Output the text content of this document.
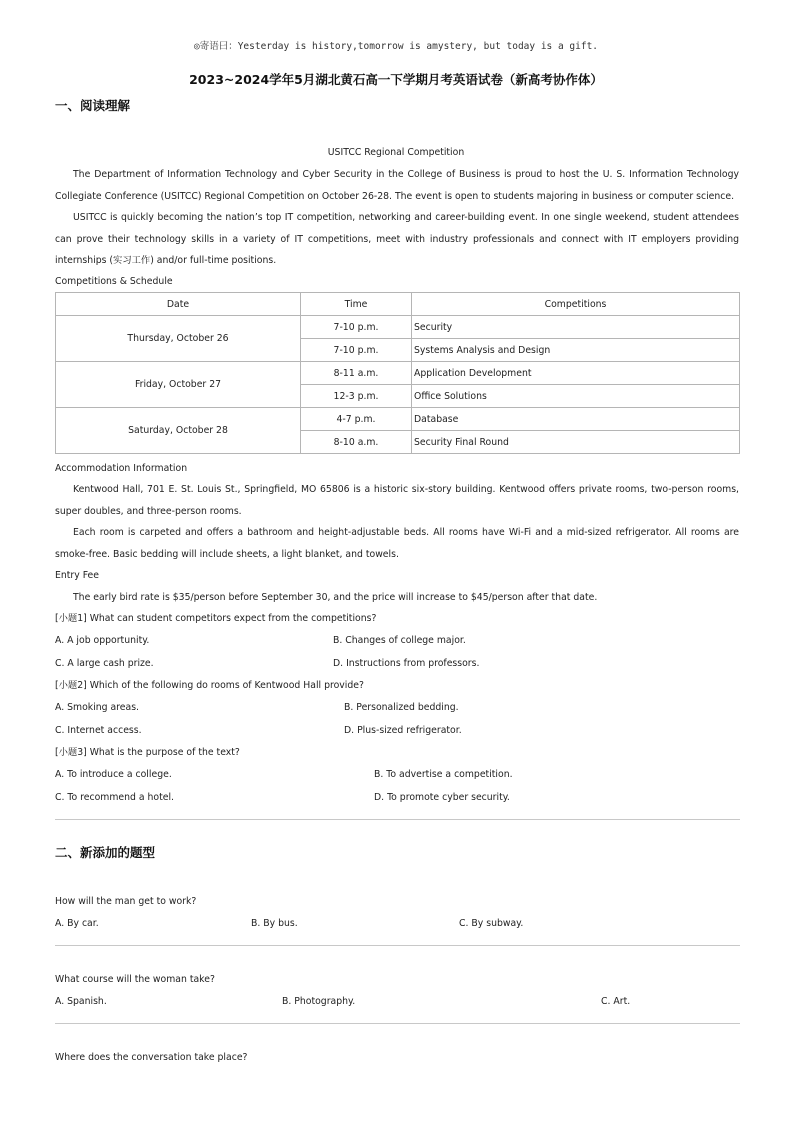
◎寄语曰：Yesterday is history,tomorrow is amystery, but today is a gift.
2023~2024学年5月湖北黄石高一下学期月考英语试卷（新高考协作体）
一、阅读理解
USITCC Regional Competition
The Department of Information Technology and Cyber Security in the College of Business is proud to host the U. S. Information Technology Collegiate Conference (USITCC) Regional Competition on October 26-28. The event is open to students majoring in business or computer science.
USITCC is quickly becoming the nation’s top IT competition, networking and career-building event. In one single weekend, student attendees can prove their technology skills in a variety of IT competitions, meet with industry professionals and connect with IT employers providing internships (实习工作) and/or full-time positions.
Competitions & Schedule
Date	Time	Competitions
Thursday, October 26	7-10 p.m.	Security
	7-10 p.m.	Systems Analysis and Design
Friday, October 27	8-11 a.m.	Application Development
	12-3 p.m.	Office Solutions
Saturday, October 28	4-7 p.m.	Database
	8-10 a.m.	Security Final Round
Accommodation Information
Kentwood Hall, 701 E. St. Louis St., Springfield, MO 65806 is a historic six-story building. Kentwood offers private rooms, two-person rooms, super doubles, and three-person rooms.
Each room is carpeted and offers a bathroom and height-adjustable beds. All rooms have Wi-Fi and a mid-sized refrigerator. All rooms are smoke-free. Basic bedding will include sheets, a light blanket, and towels.
Entry Fee
The early bird rate is $35/person before September 30, and the price will increase to $45/person after that date.
[小题1] What can student competitors expect from the competitions?
A. A job opportunity.	B. Changes of college major.
C. A large cash prize.	D. Instructions from professors.
[小题2] Which of the following do rooms of Kentwood Hall provide?
A. Smoking areas.	B. Personalized bedding.
C. Internet access.	D. Plus-sized refrigerator.
[小题3] What is the purpose of the text?
A. To introduce a college.	B. To advertise a competition.
C. To recommend a hotel.	D. To promote cyber security.
二、新添加的题型
How will the man get to work?
A. By car.	B. By bus.	C. By subway.
What course will the woman take?
A. Spanish.	B. Photography.	C. Art.
Where does the conversation take place?
